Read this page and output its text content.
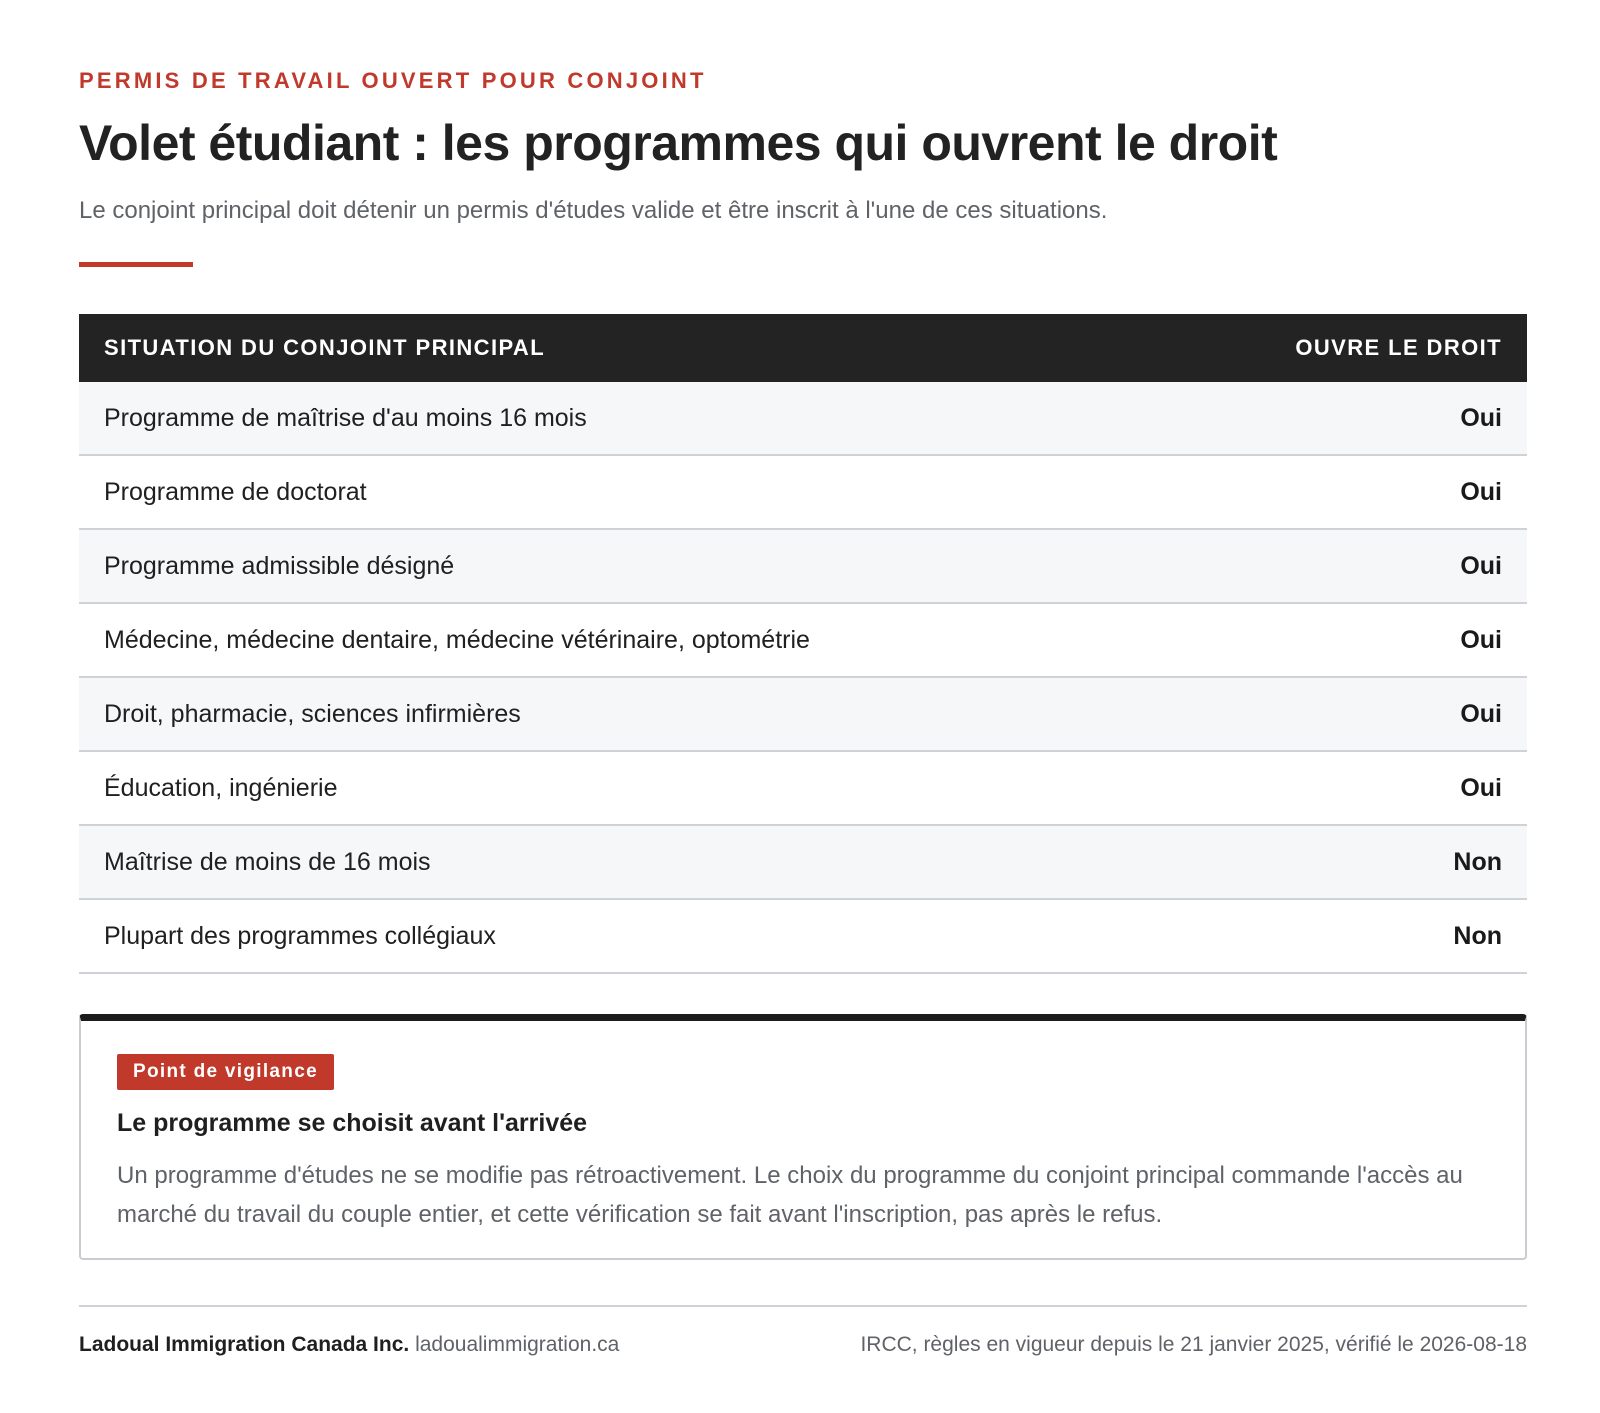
PERMIS DE TRAVAIL OUVERT POUR CONJOINT

Volet étudiant : les programmes qui ouvrent le droit

Le conjoint principal doit détenir un permis d'études valide et être inscrit à l'une de ces situations.

SITUATION DU CONJOINT PRINCIPAL	OUVRE LE DROIT
Programme de maîtrise d'au moins 16 mois	Oui
Programme de doctorat	Oui
Programme admissible désigné	Oui
Médecine, médecine dentaire, médecine vétérinaire, optométrie	Oui
Droit, pharmacie, sciences infirmières	Oui
Éducation, ingénierie	Oui
Maîtrise de moins de 16 mois	Non
Plupart des programmes collégiaux	Non
Point de vigilance
Le programme se choisit avant l'arrivée

Un programme d'études ne se modifie pas rétroactivement. Le choix du programme du conjoint principal commande l'accès au marché du travail du couple entier, et cette vérification se fait avant l'inscription, pas après le refus.

Ladoual Immigration Canada Inc. ladoualimmigration.ca	IRCC, règles en vigueur depuis le 21 janvier 2025, vérifié le 2026-08-18
